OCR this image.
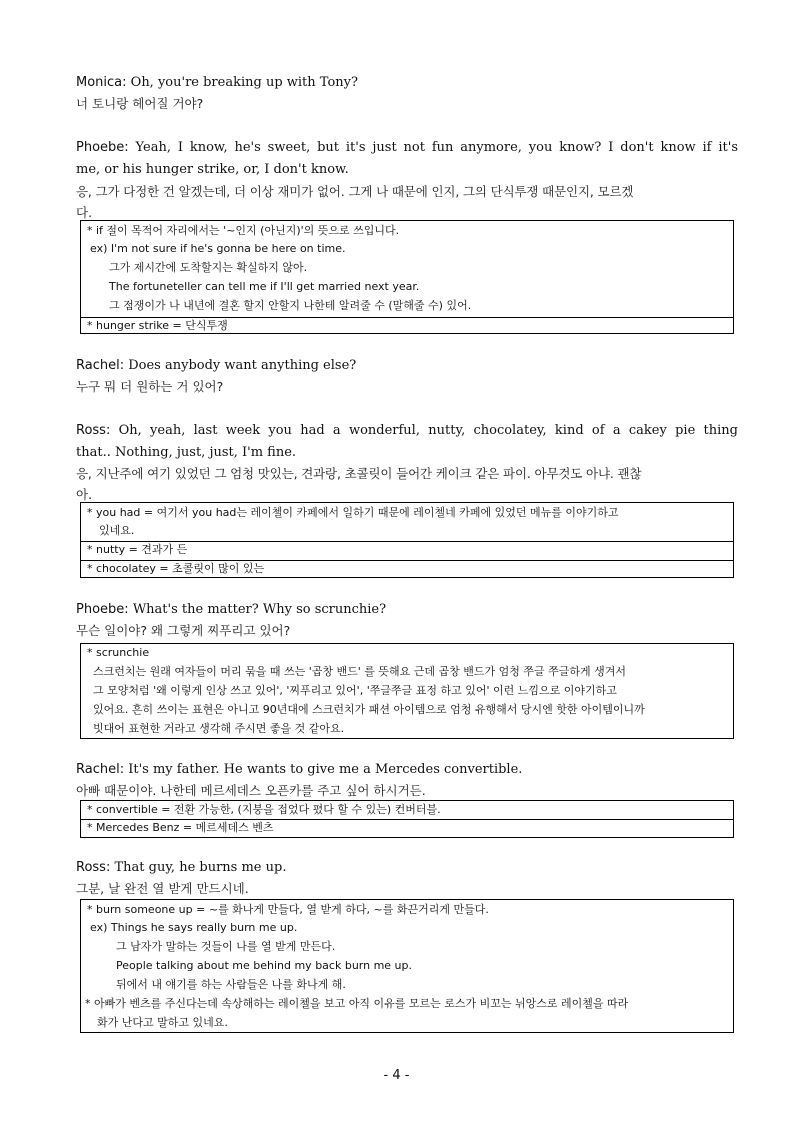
Monica: Oh, you're breaking up with Tony?
너 토니랑 헤어질 거야?
Phoebe: Yeah, I know, he's sweet, but it's just not fun anymore, you know? I don't know if it's
me, or his hunger strike, or, I don't know.
응, 그가 다정한 건 알겠는데, 더 이상 재미가 없어. 그게 나 때문에 인지, 그의 단식투쟁 때문인지, 모르겠
다.
* if 절이 목적어 자리에서는 '~인지 (아닌지)'의 뜻으로 쓰입니다.
ex) I'm not sure if he's gonna be here on time.
그가 제시간에 도착할지는 확실하지 않아.
The fortuneteller can tell me if I'll get married next year.
그 점쟁이가 나 내년에 결혼 할지 안할지 나한테 알려줄 수 (말해줄 수) 있어.
* hunger strike = 단식투쟁
Rachel: Does anybody want anything else?
누구 뭐 더 원하는 거 있어?
Ross: Oh, yeah, last week you had a wonderful, nutty, chocolatey, kind of a cakey pie thing
that.. Nothing, just, just, I'm fine.
응, 지난주에 여기 있었던 그 엄청 맛있는, 견과랑, 초콜릿이 들어간 케이크 같은 파이. 아무것도 아냐. 괜찮
아.
* you had = 여기서 you had는 레이첼이 카페에서 일하기 때문에 레이첼네 카페에 있었던 메뉴를 이야기하고
있네요.
* nutty = 견과가 든
* chocolatey = 초콜릿이 많이 있는
Phoebe: What's the matter? Why so scrunchie?
무슨 일이야? 왜 그렇게 찌푸리고 있어?
* scrunchie
스크런치는 원래 여자들이 머리 묶을 때 쓰는 '곱창 밴드' 를 뜻해요 근데 곱창 밴드가 엄청 쭈글 쭈글하게 생겨서
그 모양처럼 '왜 이렇게 인상 쓰고 있어', '찌푸리고 있어', '쭈글쭈글 표정 하고 있어' 이런 느낌으로 이야기하고
있어요. 흔히 쓰이는 표현은 아니고 90년대에 스크런치가 패션 아이템으로 엄청 유행해서 당시엔 핫한 아이템이니까
빗대어 표현한 거라고 생각해 주시면 좋을 것 같아요.
Rachel: It's my father. He wants to give me a Mercedes convertible.
아빠 때문이야. 나한테 메르세데스 오픈카를 주고 싶어 하시거든.
* convertible = 전환 가능한, (지붕을 접었다 폈다 할 수 있는) 컨버터블.
* Mercedes Benz = 메르세데스 벤츠
Ross: That guy, he burns me up.
그분, 날 완전 열 받게 만드시네.
* burn someone up = ~를 화나게 만들다, 열 받게 하다, ~를 화끈거리게 만들다.
ex) Things he says really burn me up.
그 남자가 말하는 것들이 나를 열 받게 만든다.
People talking about me behind my back burn me up.
뒤에서 내 얘기를 하는 사람들은 나를 화나게 해.
* 아빠가 벤츠를 주신다는데 속상해하는 레이첼을 보고 아직 이유를 모르는 로스가 비꼬는 뉘앙스로 레이첼을 따라
화가 난다고 말하고 있네요.
- 4 -
